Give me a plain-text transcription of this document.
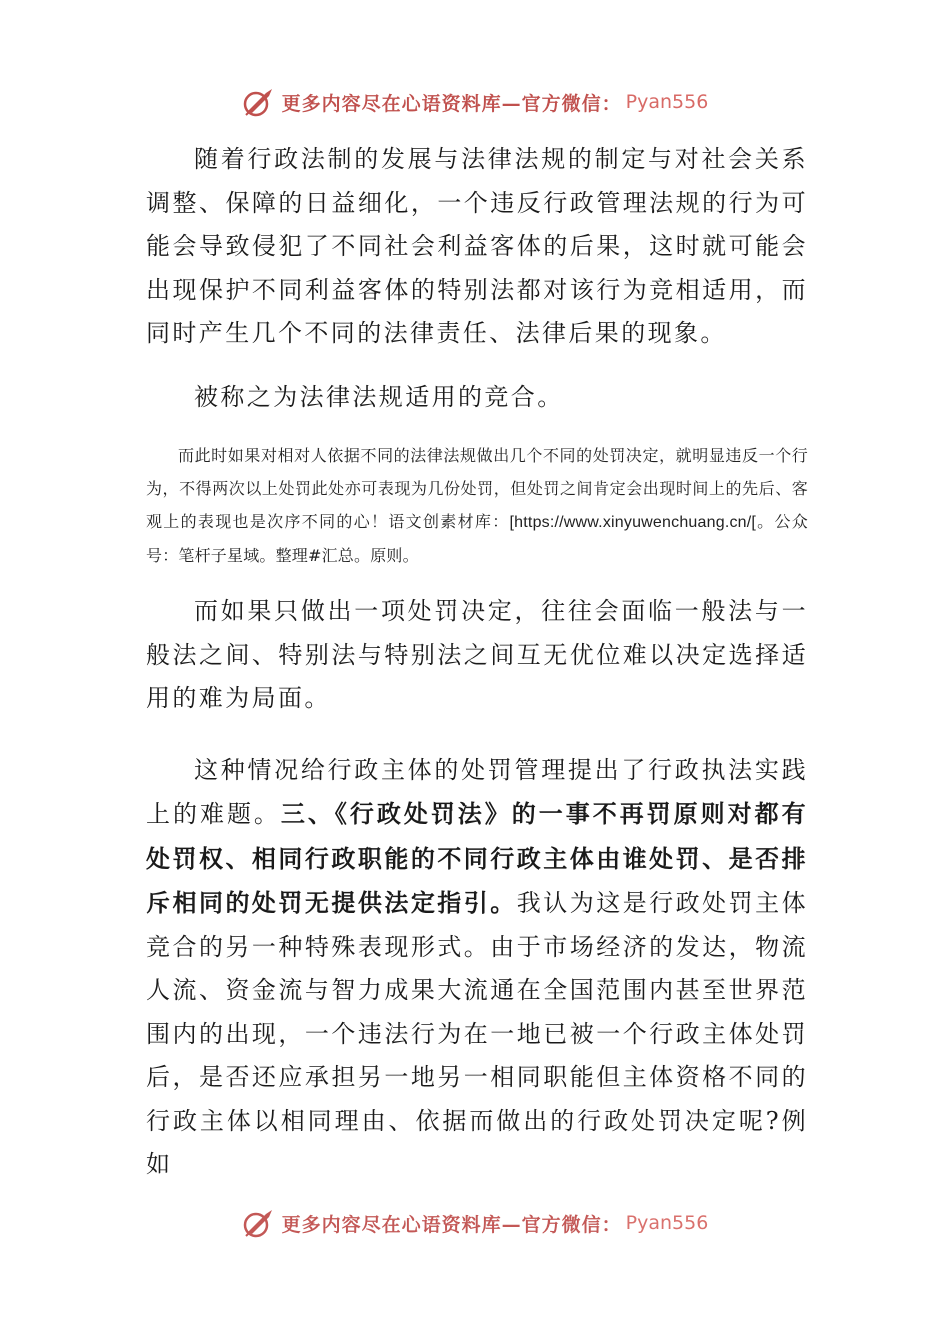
更多内容尽在心语资料库—官方微信： Pyan556

随着行政法制的发展与法律法规的制定与对社会关系调整、保障的日益细化，一个违反行政管理法规的行为可能会导致侵犯了不同社会利益客体的后果，这时就可能会出现保护不同利益客体的特别法都对该行为竞相适用，而同时产生几个不同的法律责任、法律后果的现象。

被称之为法律法规适用的竞合。

而此时如果对相对人依据不同的法律法规做出几个不同的处罚决定，就明显违反一个行为，不得两次以上处罚此处亦可表现为几份处罚，但处罚之间肯定会出现时间上的先后、客观上的表现也是次序不同的心！语文创素材库：[https://www.xinyuwenchuang.cn/[。公众号：笔杆子星域。整理#汇总。原则。

而如果只做出一项处罚决定，往往会面临一般法与一般法之间、特别法与特别法之间互无优位难以决定选择适用的难为局面。

这种情况给行政主体的处罚管理提出了行政执法实践上的难题。三、《行政处罚法》的一事不再罚原则对都有处罚权、相同行政职能的不同行政主体由谁处罚、是否排斥相同的处罚无提供法定指引。我认为这是行政处罚主体竞合的另一种特殊表现形式。由于市场经济的发达，物流人流、资金流与智力成果大流通在全国范围内甚至世界范围内的出现，一个违法行为在一地已被一个行政主体处罚后，是否还应承担另一地另一相同职能但主体资格不同的行政主体以相同理由、依据而做出的行政处罚决定呢?例如

更多内容尽在心语资料库—官方微信： Pyan556
